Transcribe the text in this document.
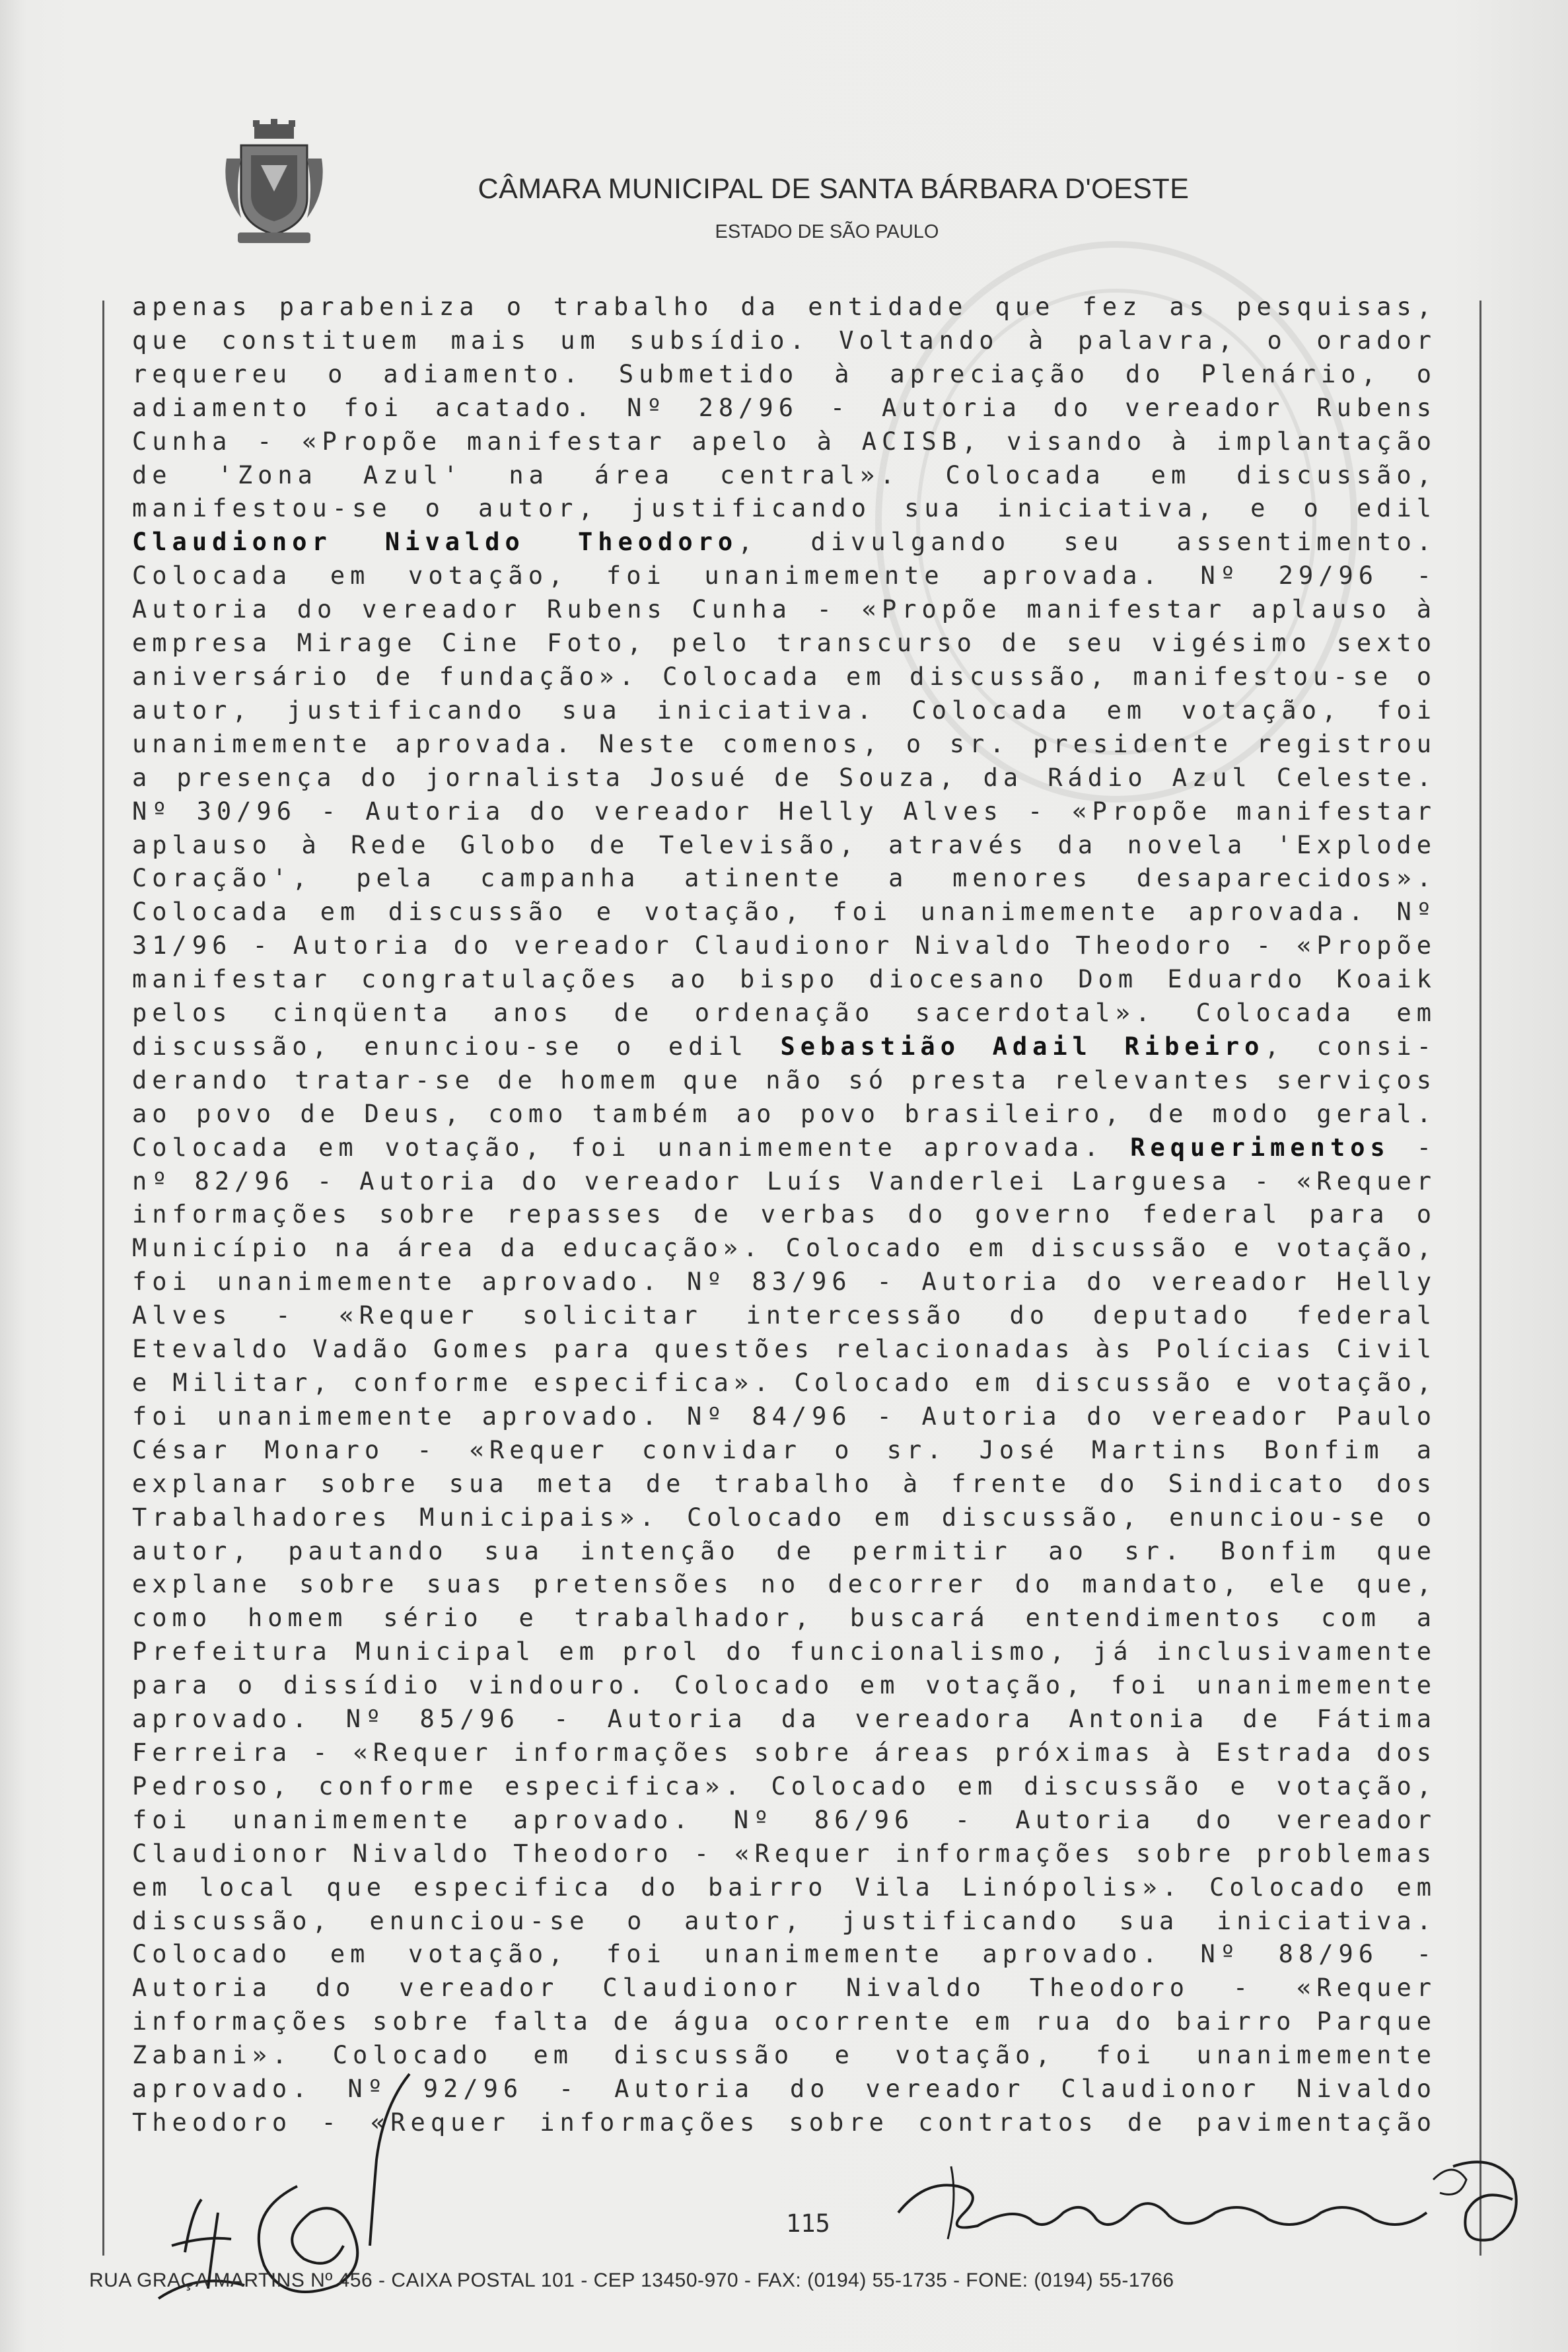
CÂMARA MUNICIPAL DE SANTA BÁRBARA D'OESTE
ESTADO DE SÃO PAULO
apenas parabeniza o trabalho da entidade que fez as pesquisas,
que constituem mais um subsídio. Voltando à palavra, o orador
requereu o adiamento. Submetido à apreciação do Plenário, o
adiamento foi acatado. Nº 28/96 - Autoria do vereador Rubens
Cunha - «Propõe manifestar apelo à ACISB, visando à implantação
de 'Zona Azul' na área central». Colocada em discussão,
manifestou-se o autor, justificando sua iniciativa, e o edil
Claudionor Nivaldo Theodoro, divulgando seu assentimento.
Colocada em votação, foi unanimemente aprovada. Nº 29/96 -
Autoria do vereador Rubens Cunha - «Propõe manifestar aplauso à
empresa Mirage Cine Foto, pelo transcurso de seu vigésimo sexto
aniversário de fundação». Colocada em discussão, manifestou-se o
autor, justificando sua iniciativa. Colocada em votação, foi
unanimemente aprovada. Neste comenos, o sr. presidente registrou
a presença do jornalista Josué de Souza, da Rádio Azul Celeste.
Nº 30/96 - Autoria do vereador Helly Alves - «Propõe manifestar
aplauso à Rede Globo de Televisão, através da novela 'Explode
Coração', pela campanha atinente a menores desaparecidos».
Colocada em discussão e votação, foi unanimemente aprovada. Nº
31/96 - Autoria do vereador Claudionor Nivaldo Theodoro - «Propõe
manifestar congratulações ao bispo diocesano Dom Eduardo Koaik
pelos cinqüenta anos de ordenação sacerdotal». Colocada em
discussão, enunciou-se o edil Sebastião Adail Ribeiro, consi-
derando tratar-se de homem que não só presta relevantes serviços
ao povo de Deus, como também ao povo brasileiro, de modo geral.
Colocada em votação, foi unanimemente aprovada. Requerimentos -
nº 82/96 - Autoria do vereador Luís Vanderlei Larguesa - «Requer
informações sobre repasses de verbas do governo federal para o
Município na área da educação». Colocado em discussão e votação,
foi unanimemente aprovado. Nº 83/96 - Autoria do vereador Helly
Alves - «Requer solicitar intercessão do deputado federal
Etevaldo Vadão Gomes para questões relacionadas às Polícias Civil
e Militar, conforme especifica». Colocado em discussão e votação,
foi unanimemente aprovado. Nº 84/96 - Autoria do vereador Paulo
César Monaro - «Requer convidar o sr. José Martins Bonfim a
explanar sobre sua meta de trabalho à frente do Sindicato dos
Trabalhadores Municipais». Colocado em discussão, enunciou-se o
autor, pautando sua intenção de permitir ao sr. Bonfim que
explane sobre suas pretensões no decorrer do mandato, ele que,
como homem sério e trabalhador, buscará entendimentos com a
Prefeitura Municipal em prol do funcionalismo, já inclusivamente
para o dissídio vindouro. Colocado em votação, foi unanimemente
aprovado. Nº 85/96 - Autoria da vereadora Antonia de Fátima
Ferreira - «Requer informações sobre áreas próximas à Estrada dos
Pedroso, conforme especifica». Colocado em discussão e votação,
foi unanimemente aprovado. Nº 86/96 - Autoria do vereador
Claudionor Nivaldo Theodoro - «Requer informações sobre problemas
em local que especifica do bairro Vila Linópolis». Colocado em
discussão, enunciou-se o autor, justificando sua iniciativa.
Colocado em votação, foi unanimemente aprovado. Nº 88/96 -
Autoria do vereador Claudionor Nivaldo Theodoro - «Requer
informações sobre falta de água ocorrente em rua do bairro Parque
Zabani». Colocado em discussão e votação, foi unanimemente
aprovado. Nº 92/96 - Autoria do vereador Claudionor Nivaldo
Theodoro - «Requer informações sobre contratos de pavimentação
115
RUA GRAÇA MARTINS Nº 456 - CAIXA POSTAL 101 - CEP 13450-970 - FAX: (0194) 55-1735 - FONE: (0194) 55-1766
